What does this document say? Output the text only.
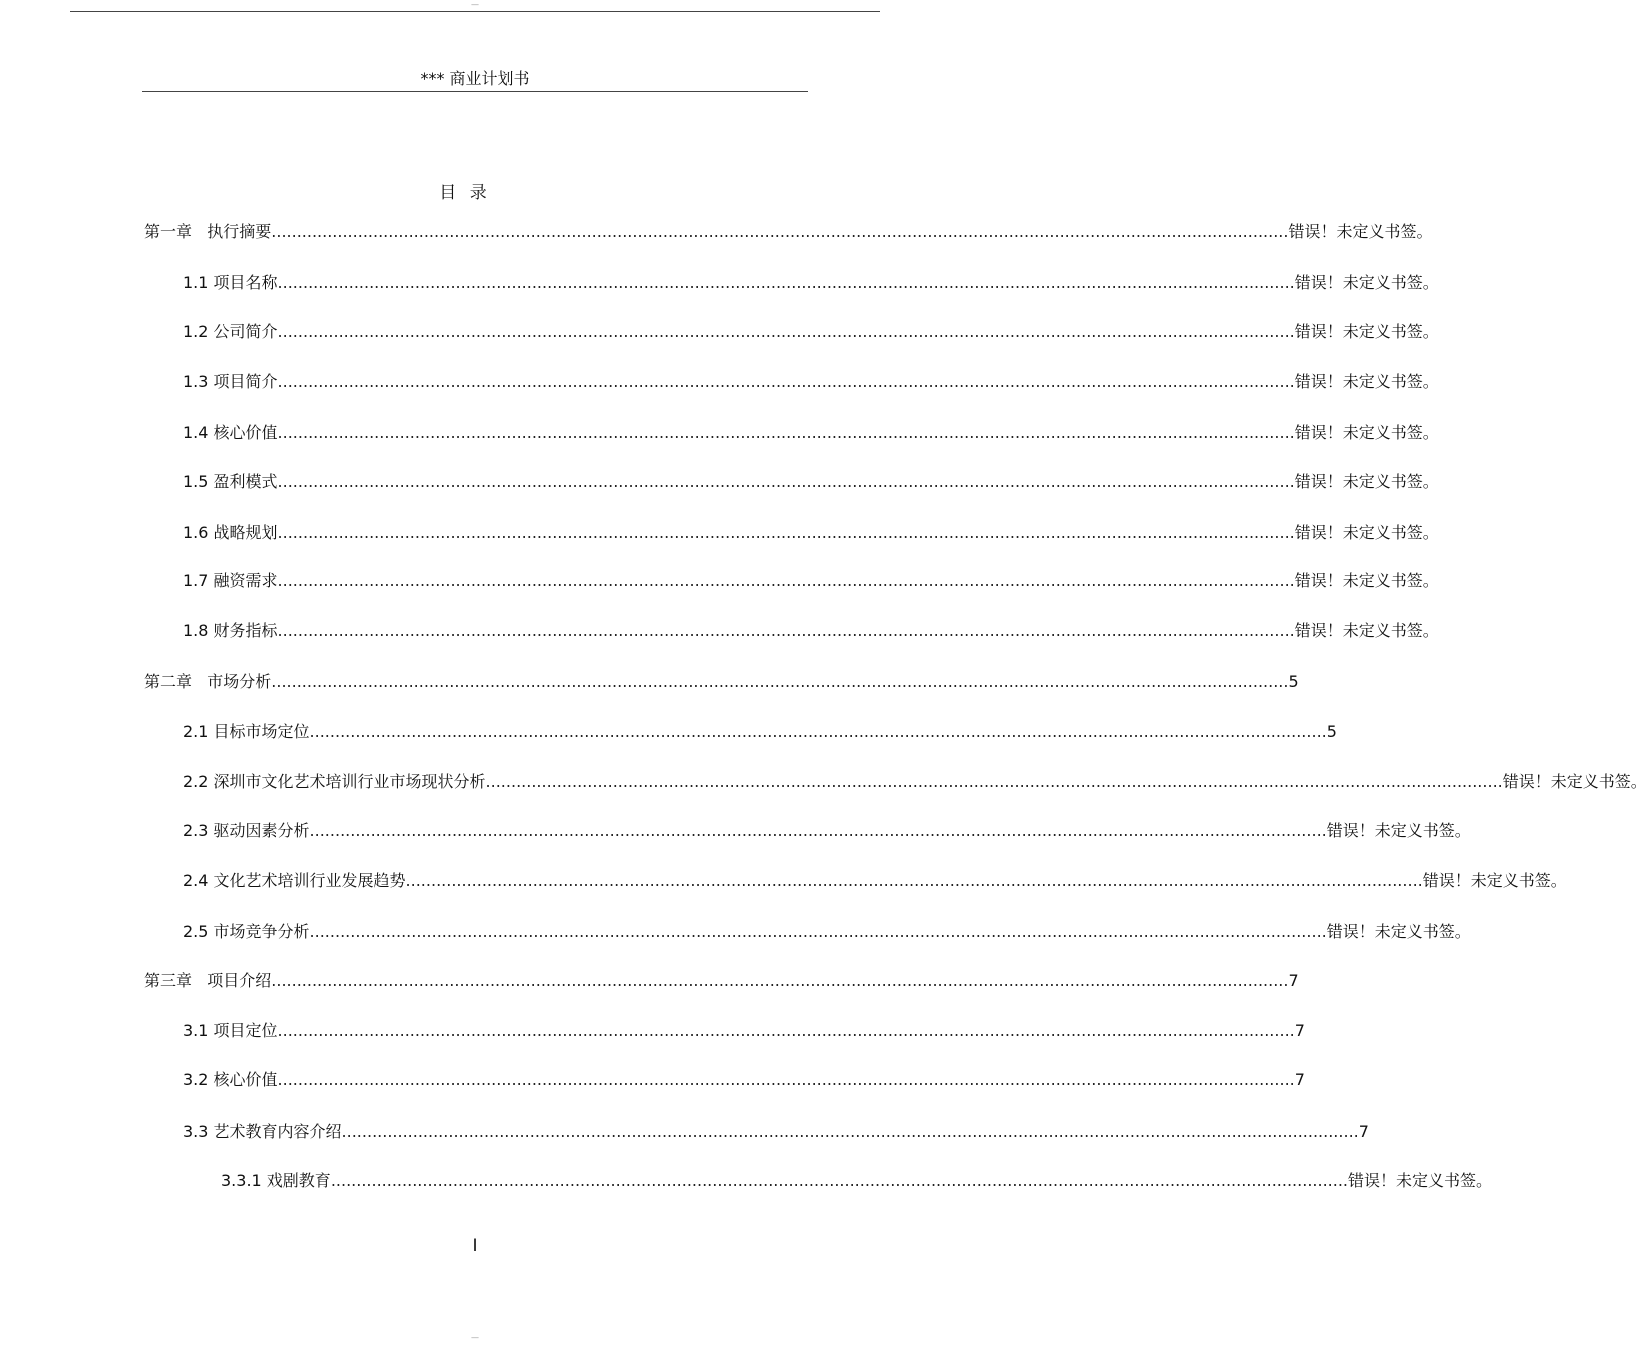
—
*** 商业计划书
目 录
第一章   执行摘要 ........................................................................................................................................................................................................ 错误！未定义书签。
1.1 项目名称 ........................................................................................................................................................................................................ 错误！未定义书签。
1.2 公司简介 ........................................................................................................................................................................................................ 错误！未定义书签。
1.3 项目简介 ........................................................................................................................................................................................................ 错误！未定义书签。
1.4 核心价值 ........................................................................................................................................................................................................ 错误！未定义书签。
1.5 盈利模式 ........................................................................................................................................................................................................ 错误！未定义书签。
1.6 战略规划 ........................................................................................................................................................................................................ 错误！未定义书签。
1.7 融资需求 ........................................................................................................................................................................................................ 错误！未定义书签。
1.8 财务指标 ........................................................................................................................................................................................................ 错误！未定义书签。
第二章   市场分析 ........................................................................................................................................................................................................ 5
2.1 目标市场定位 ........................................................................................................................................................................................................ 5
2.2 深圳市文化艺术培训行业市场现状分析 ........................................................................................................................................................................................................ 错误！未定义书签。
2.3 驱动因素分析 ........................................................................................................................................................................................................ 错误！未定义书签。
2.4 文化艺术培训行业发展趋势 ........................................................................................................................................................................................................ 错误！未定义书签。
2.5 市场竞争分析 ........................................................................................................................................................................................................ 错误！未定义书签。
第三章   项目介绍 ........................................................................................................................................................................................................ 7
3.1 项目定位 ........................................................................................................................................................................................................ 7
3.2 核心价值 ........................................................................................................................................................................................................ 7
3.3 艺术教育内容介绍 ........................................................................................................................................................................................................ 7
3.3.1 戏剧教育 ........................................................................................................................................................................................................ 错误！未定义书签。
I
—
